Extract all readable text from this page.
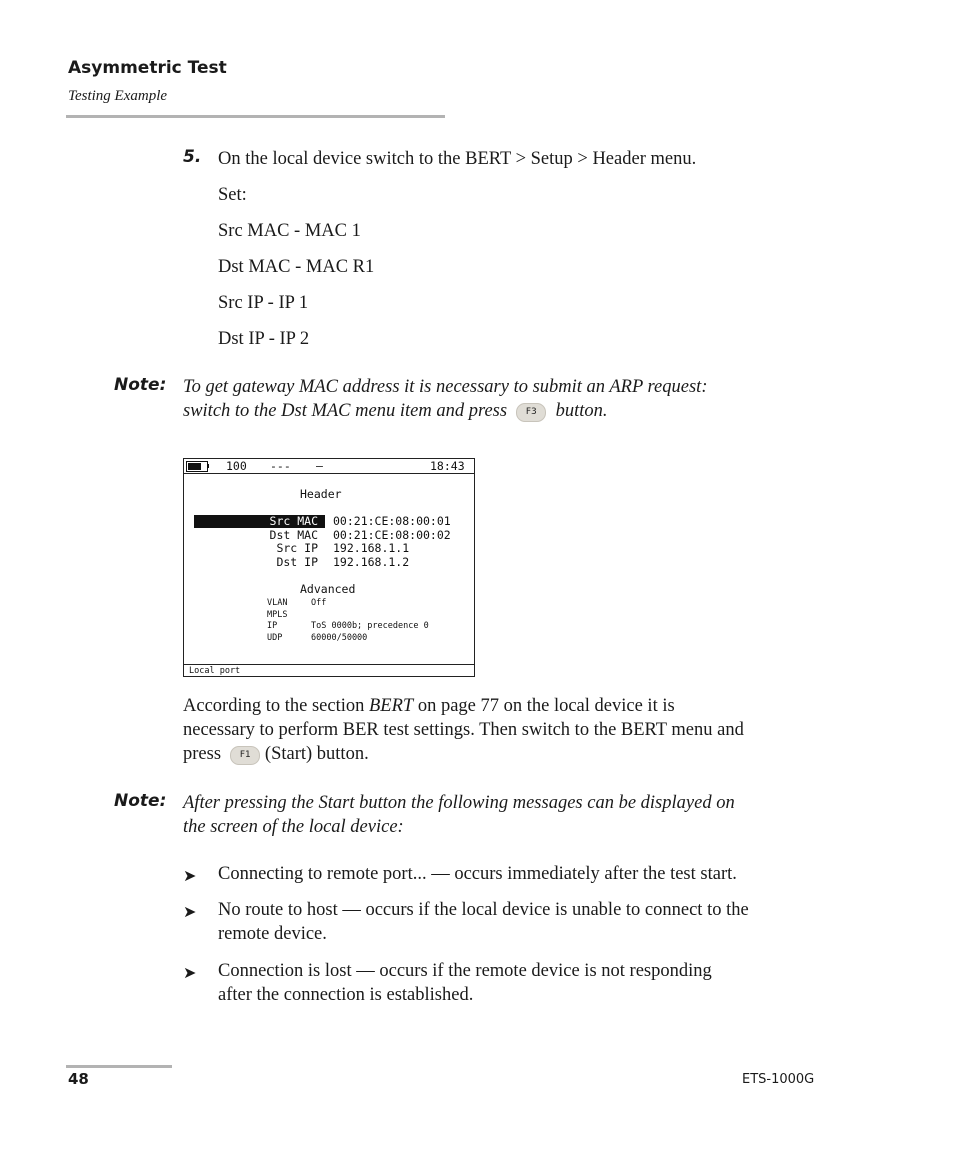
Asymmetric Test
Testing Example
5. On the local device switch to the BERT > Setup > Header menu.
Set:
Src MAC - MAC 1
Dst MAC - MAC R1
Src IP - IP 1
Dst IP - IP 2
Note: To get gateway MAC address it is necessary to submit an ARP request:
switch to the Dst MAC menu item and press F3 button.

100

---

–

	18:43

Header
Src MAC 00:21:CE:08:00:01
Dst MAC 00:21:CE:08:00:02
Src IP 192.168.1.1
Dst IP 192.168.1.2
Advanced
VLAN	Off
MPLS
IP	ToS 0000b; precedence 0
UDP	60000/50000

Local port

According to the section BERT on page 77 on the local device it is
necessary to perform BER test settings. Then switch to the BERT menu and
press F1 (Start) button.
Note: After pressing the Start button the following messages can be displayed on
the screen of the local device:
➤ Connecting to remote port... — occurs immediately after the test start.
➤ No route to host — occurs if the local device is unable to connect to the
remote device.
➤ Connection is lost — occurs if the remote device is not responding
after the connection is established.
48	ETS-1000G
